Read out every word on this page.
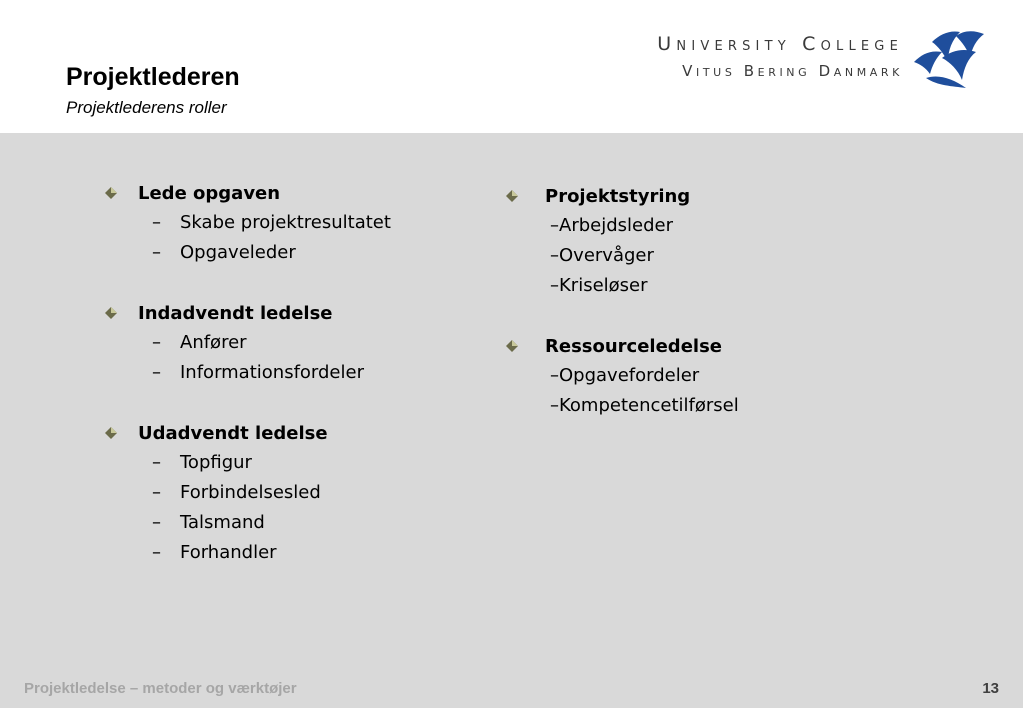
Projektlederen

Projektlederens roller

University College
Vitus Bering Danmark
Lede opgaven
– Skabe projektresultatet
– Opgaveleder
Indadvendt ledelse
– Anfører
– Informationsfordeler
Udadvendt ledelse
– Topfigur
– Forbindelsesled
– Talsmand
– Forhandler
Projektstyring
–Arbejdsleder
–Overvåger
–Kriseløser
Ressourceledelse
–Opgavefordeler
–Kompetencetilførsel
Projektledelse – metoder og værktøjer	13
